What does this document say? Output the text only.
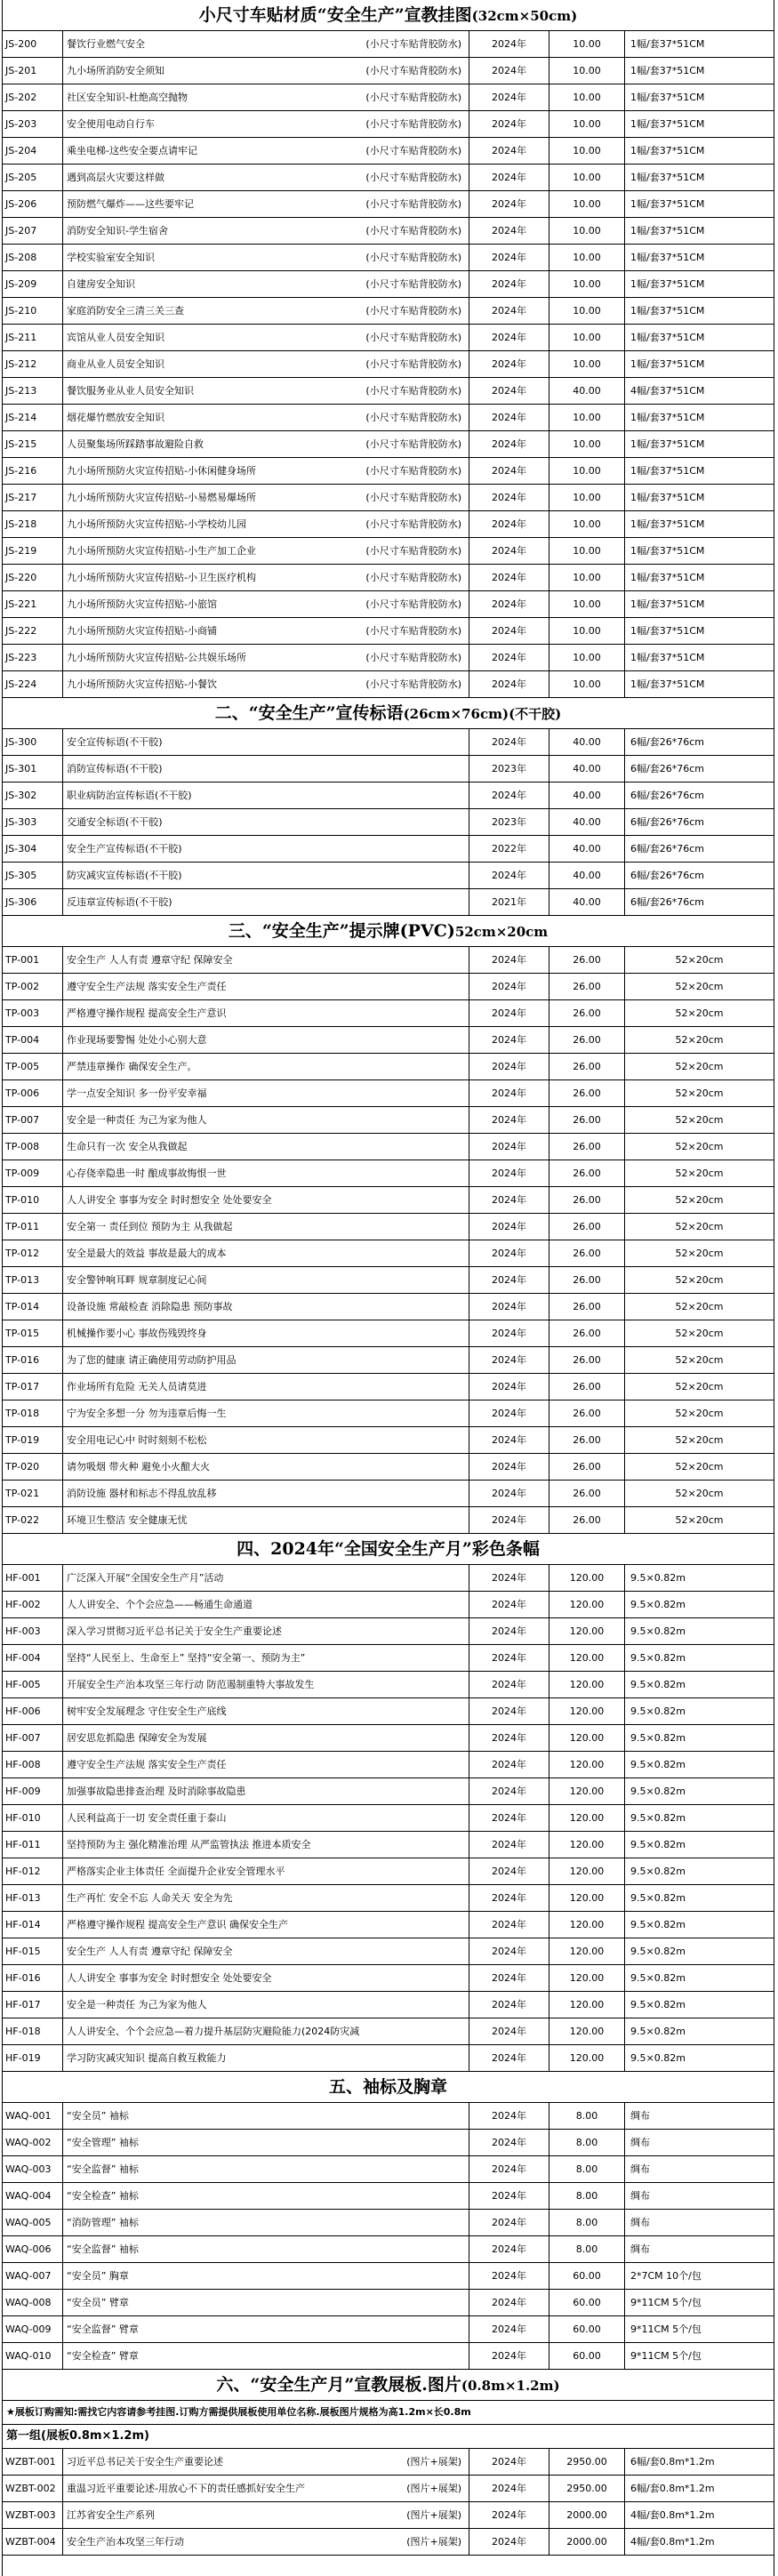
小尺寸车贴材质“安全生产”宣教挂图(32cm×50cm)
JS-200	餐饮行业燃气安全	(小尺寸车贴背胶防水)	2024年	10.00	1幅/套37*51CM
JS-201	九小场所消防安全须知	(小尺寸车贴背胶防水)	2024年	10.00	1幅/套37*51CM
JS-202	社区安全知识-杜绝高空抛物	(小尺寸车贴背胶防水)	2024年	10.00	1幅/套37*51CM
JS-203	安全使用电动自行车	(小尺寸车贴背胶防水)	2024年	10.00	1幅/套37*51CM
JS-204	乘坐电梯-这些安全要点请牢记	(小尺寸车贴背胶防水)	2024年	10.00	1幅/套37*51CM
JS-205	遇到高层火灾要这样做	(小尺寸车贴背胶防水)	2024年	10.00	1幅/套37*51CM
JS-206	预防燃气爆炸——这些要牢记	(小尺寸车贴背胶防水)	2024年	10.00	1幅/套37*51CM
JS-207	消防安全知识-学生宿舍	(小尺寸车贴背胶防水)	2024年	10.00	1幅/套37*51CM
JS-208	学校实验室安全知识	(小尺寸车贴背胶防水)	2024年	10.00	1幅/套37*51CM
JS-209	自建房安全知识	(小尺寸车贴背胶防水)	2024年	10.00	1幅/套37*51CM
JS-210	家庭消防安全三清三关三查	(小尺寸车贴背胶防水)	2024年	10.00	1幅/套37*51CM
JS-211	宾馆从业人员安全知识	(小尺寸车贴背胶防水)	2024年	10.00	1幅/套37*51CM
JS-212	商业从业人员安全知识	(小尺寸车贴背胶防水)	2024年	10.00	1幅/套37*51CM
JS-213	餐饮服务业从业人员安全知识	(小尺寸车贴背胶防水)	2024年	40.00	4幅/套37*51CM
JS-214	烟花爆竹燃放安全知识	(小尺寸车贴背胶防水)	2024年	10.00	1幅/套37*51CM
JS-215	人员聚集场所踩踏事故避险自救	(小尺寸车贴背胶防水)	2024年	10.00	1幅/套37*51CM
JS-216	九小场所预防火灾宣传招贴-小休闲健身场所	(小尺寸车贴背胶防水)	2024年	10.00	1幅/套37*51CM
JS-217	九小场所预防火灾宣传招贴-小易燃易爆场所	(小尺寸车贴背胶防水)	2024年	10.00	1幅/套37*51CM
JS-218	九小场所预防火灾宣传招贴-小学校幼儿园	(小尺寸车贴背胶防水)	2024年	10.00	1幅/套37*51CM
JS-219	九小场所预防火灾宣传招贴-小生产加工企业	(小尺寸车贴背胶防水)	2024年	10.00	1幅/套37*51CM
JS-220	九小场所预防火灾宣传招贴-小卫生医疗机构	(小尺寸车贴背胶防水)	2024年	10.00	1幅/套37*51CM
JS-221	九小场所预防火灾宣传招贴-小旅馆	(小尺寸车贴背胶防水)	2024年	10.00	1幅/套37*51CM
JS-222	九小场所预防火灾宣传招贴-小商铺	(小尺寸车贴背胶防水)	2024年	10.00	1幅/套37*51CM
JS-223	九小场所预防火灾宣传招贴-公共娱乐场所	(小尺寸车贴背胶防水)	2024年	10.00	1幅/套37*51CM
JS-224	九小场所预防火灾宣传招贴-小餐饮	(小尺寸车贴背胶防水)	2024年	10.00	1幅/套37*51CM
二、“安全生产”宣传标语(26cm×76cm)(不干胶)
JS-300	安全宣传标语(不干胶)	2024年	40.00	6幅/套26*76cm
JS-301	消防宣传标语(不干胶)	2023年	40.00	6幅/套26*76cm
JS-302	职业病防治宣传标语(不干胶)	2024年	40.00	6幅/套26*76cm
JS-303	交通安全标语(不干胶)	2023年	40.00	6幅/套26*76cm
JS-304	安全生产宣传标语(不干胶)	2022年	40.00	6幅/套26*76cm
JS-305	防灾减灾宣传标语(不干胶)	2024年	40.00	6幅/套26*76cm
JS-306	反违章宣传标语(不干胶)	2021年	40.00	6幅/套26*76cm
三、“安全生产”提示牌(PVC)52cm×20cm
TP-001	安全生产 人人有责 遵章守纪 保障安全	2024年	26.00	52×20cm
TP-002	遵守安全生产法规 落实安全生产责任	2024年	26.00	52×20cm
TP-003	严格遵守操作规程 提高安全生产意识	2024年	26.00	52×20cm
TP-004	作业现场要警惕 处处小心别大意	2024年	26.00	52×20cm
TP-005	严禁违章操作 确保安全生产。	2024年	26.00	52×20cm
TP-006	学一点安全知识 多一份平安幸福	2024年	26.00	52×20cm
TP-007	安全是一种责任 为己为家为他人	2024年	26.00	52×20cm
TP-008	生命只有一次 安全从我做起	2024年	26.00	52×20cm
TP-009	心存侥幸隐患一时 酿成事故悔恨一世	2024年	26.00	52×20cm
TP-010	人人讲安全 事事为安全 时时想安全 处处要安全	2024年	26.00	52×20cm
TP-011	安全第一 责任到位 预防为主 从我做起	2024年	26.00	52×20cm
TP-012	安全是最大的效益 事故是最大的成本	2024年	26.00	52×20cm
TP-013	安全警钟响耳畔 规章制度记心间	2024年	26.00	52×20cm
TP-014	设备设施 常敲检查 消除隐患 预防事故	2024年	26.00	52×20cm
TP-015	机械操作要小心 事故伤残毁终身	2024年	26.00	52×20cm
TP-016	为了您的健康 请正确使用劳动防护用品	2024年	26.00	52×20cm
TP-017	作业场所有危险 无关人员请莫进	2024年	26.00	52×20cm
TP-018	宁为安全多想一分 勿为违章后悔一生	2024年	26.00	52×20cm
TP-019	安全用电记心中 时时刻刻不松松	2024年	26.00	52×20cm
TP-020	请勿吸烟 带火种 避免小火酿大火	2024年	26.00	52×20cm
TP-021	消防设施 器材和标志不得乱放乱移	2024年	26.00	52×20cm
TP-022	环境卫生整洁 安全健康无忧	2024年	26.00	52×20cm
四、2024年“全国安全生产月”彩色条幅
HF-001	广泛深入开展“全国安全生产月”活动	2024年	120.00	9.5×0.82m
HF-002	人人讲安全、个个会应急——畅通生命通道	2024年	120.00	9.5×0.82m
HF-003	深入学习贯彻习近平总书记关于安全生产重要论述	2024年	120.00	9.5×0.82m
HF-004	坚持“人民至上、生命至上” 坚持“安全第一、预防为主”	2024年	120.00	9.5×0.82m
HF-005	开展安全生产治本攻坚三年行动 防范遏制重特大事故发生	2024年	120.00	9.5×0.82m
HF-006	树牢安全发展理念 守住安全生产底线	2024年	120.00	9.5×0.82m
HF-007	居安思危抓隐患 保障安全为发展	2024年	120.00	9.5×0.82m
HF-008	遵守安全生产法规 落实安全生产责任	2024年	120.00	9.5×0.82m
HF-009	加强事故隐患排查治理 及时消除事故隐患	2024年	120.00	9.5×0.82m
HF-010	人民利益高于一切 安全责任重于泰山	2024年	120.00	9.5×0.82m
HF-011	坚持预防为主 强化精准治理 从严监管执法 推进本质安全	2024年	120.00	9.5×0.82m
HF-012	严格落实企业主体责任 全面提升企业安全管理水平	2024年	120.00	9.5×0.82m
HF-013	生产再忙 安全不忘 人命关天 安全为先	2024年	120.00	9.5×0.82m
HF-014	严格遵守操作规程 提高安全生产意识 确保安全生产	2024年	120.00	9.5×0.82m
HF-015	安全生产 人人有责 遵章守纪 保障安全	2024年	120.00	9.5×0.82m
HF-016	人人讲安全 事事为安全 时时想安全 处处要安全	2024年	120.00	9.5×0.82m
HF-017	安全是一种责任 为己为家为他人	2024年	120.00	9.5×0.82m
HF-018	人人讲安全、个个会应急—着力提升基层防灾避险能力(2024防灾减	2024年	120.00	9.5×0.82m
HF-019	学习防灾减灾知识 提高自救互救能力	2024年	120.00	9.5×0.82m
五、袖标及胸章
WAQ-001	“安全员” 袖标	2024年	8.00	绸布
WAQ-002	“安全管理” 袖标	2024年	8.00	绸布
WAQ-003	“安全监督” 袖标	2024年	8.00	绸布
WAQ-004	“安全检查” 袖标	2024年	8.00	绸布
WAQ-005	“消防管理” 袖标	2024年	8.00	绸布
WAQ-006	“安全监督” 袖标	2024年	8.00	绸布
WAQ-007	“安全员” 胸章	2024年	60.00	2*7CM 10个/包
WAQ-008	“安全员” 臂章	2024年	60.00	9*11CM 5个/包
WAQ-009	“安全监督” 臂章	2024年	60.00	9*11CM 5个/包
WAQ-010	“安全检查” 臂章	2024年	60.00	9*11CM 5个/包
六、“安全生产月”宣教展板.图片(0.8m×1.2m)
★展板订购需知:需找它内容请参考挂图.订购方需提供展板使用单位名称.展板图片规格为高1.2m×长0.8m
第一组(展板0.8m×1.2m)
WZBT-001	习近平总书记关于安全生产重要论述	(图片+展架)	2024年	2950.00	6幅/套0.8m*1.2m
WZBT-002	重温习近平重要论述-用放心不下的责任感抓好安全生产	(图片+展架)	2024年	2950.00	6幅/套0.8m*1.2m
WZBT-003	江苏省安全生产系列	(图片+展架)	2024年	2000.00	4幅/套0.8m*1.2m
WZBT-004	安全生产治本攻坚三年行动	(图片+展架)	2024年	2000.00	4幅/套0.8m*1.2m
